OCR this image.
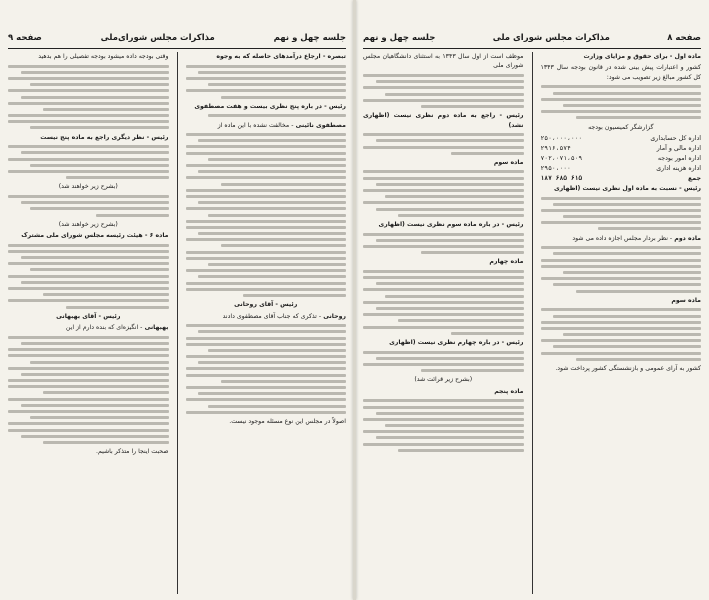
جلسه چهل و نهم
مذاکرات مجلس شورای‌ملی
صفحه ۹

تبصره - ارجاع درآمدهای حاصله که به وجوه

رئیس - در باره پنج نظری بیست و هفت مصطفوی

مصطفوی نائینی - مخالفت نشده با این ماده از

رئیس - آقای روحانی

روحانی - تذکری که جناب آقای مصطفوی دادند

اصولاً در مجلس این نوع مسئله موجود نیست.

وقتی بودجه داده میشود بودجه تفصیلی را هم بدهید

رئیس - نظر دیگری راجع به ماده پنج نیست

(بشرح زیر خواهند شد)

(بشرح زیر خواهند شد)

ماده ۶ - هیئت رئیسه مجلس شورای ملی مشترک

رئیس - آقای بهبهانی

بهبهانی - انگیزه‌ای که بنده دارم از این

صحبت اینجا را متذکر باشیم.

صفحه ۸
مذاکرات مجلس شورای ملی
جلسه چهل و نهم

ماده اول - برای حقوق و مزایای وزارت

کشور و اعتبارات پیش بینی شده در قانون بودجه سال ۱۳۴۳ کل کشور مبالغ زیر تصویب می شود:

گزارشگر کمیسیون بودجه

اداره کل حسابداری
۲۵۰،۰۰۰،۰۰۰
اداره مالی و آمار
۲۹۱۶،۵۷۴
اداره امور بودجه
۷۰۲،۰۷۱،۵۰۹
اداره هزینه اداری
۲۹۵۰،۰۰۰
جمع
۱۸۷ ۶۸۵ ۶۱۵

رئیس - نسبت به ماده اول نظری نیست (اظهاری

ماده دوم - نظر بردار مجلس اجازه داده می شود

ماده سوم

کشور به آرای عمومی و بازنشستگی کشور پرداخت شود.

موظف است از اول سال ۱۳۴۳ به استثنای دانشگاهیان مجلس شورای ملی

رئیس - راجع به ماده دوم نظری نیست (اظهاری نشد)

ماده سوم

رئیس - در باره ماده سوم نظری نیست (اظهاری

ماده چهارم

رئیس - در باره چهارم نظری نیست (اظهاری

(بشرح زیر قرائت شد)

ماده پنجم
